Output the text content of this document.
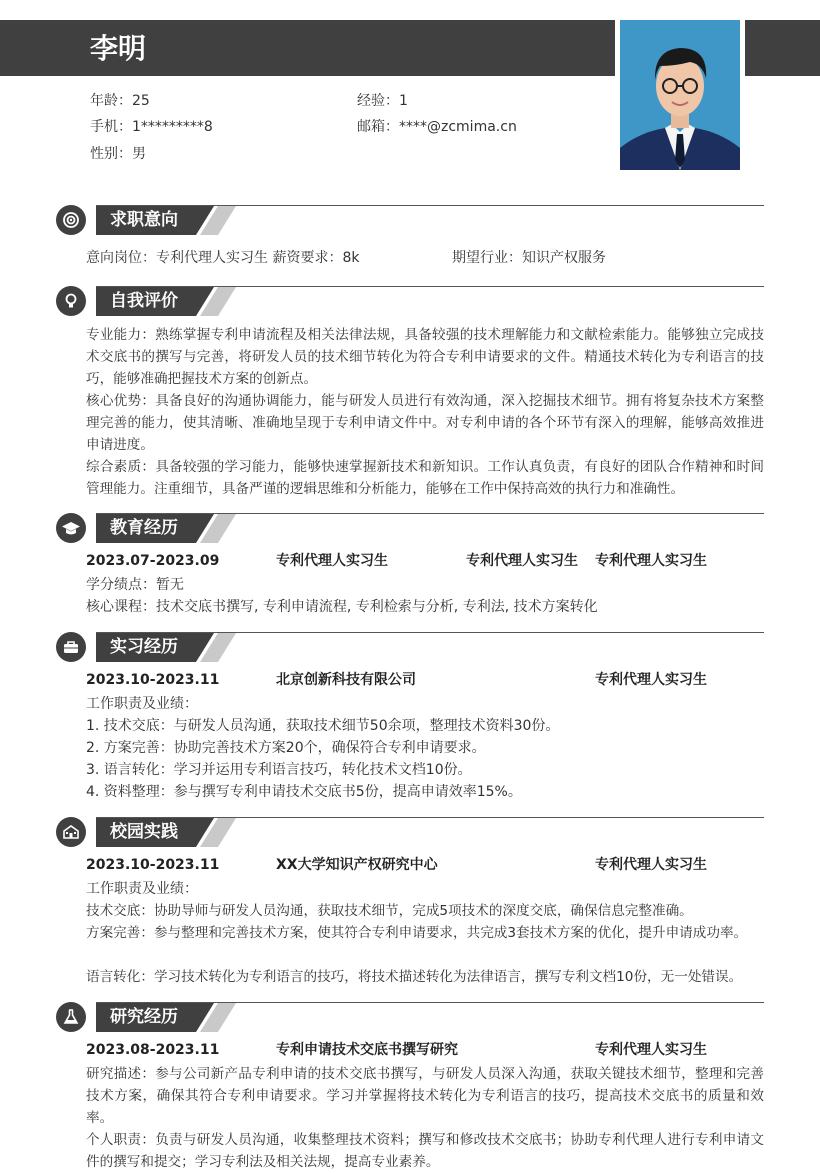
李明
年龄：25	经验：1
手机：1*********8	邮箱：****@zcmima.cn
性别：男
求职意向
意向岗位：专利代理人实习生 薪资要求：8k	期望行业：知识产权服务
自我评价
专业能力：熟练掌握专利申请流程及相关法律法规，具备较强的技术理解能力和文献检索能力。能够独立完成技术交底书的撰写与完善，将研发人员的技术细节转化为符合专利申请要求的文件。精通技术转化为专利语言的技巧，能够准确把握技术方案的创新点。
核心优势：具备良好的沟通协调能力，能与研发人员进行有效沟通，深入挖掘技术细节。拥有将复杂技术方案整理完善的能力，使其清晰、准确地呈现于专利申请文件中。对专利申请的各个环节有深入的理解，能够高效推进申请进度。
综合素质：具备较强的学习能力，能够快速掌握新技术和新知识。工作认真负责，有良好的团队合作精神和时间管理能力。注重细节，具备严谨的逻辑思维和分析能力，能够在工作中保持高效的执行力和准确性。
教育经历
2023.07-2023.09	专利代理人实习生	专利代理人实习生 专利代理人实习生
学分绩点：暂无
核心课程：技术交底书撰写, 专利申请流程, 专利检索与分析, 专利法, 技术方案转化
实习经历
2023.10-2023.11	北京创新科技有限公司	专利代理人实习生
工作职责及业绩：
1. 技术交底：与研发人员沟通，获取技术细节50余项，整理技术资料30份。
2. 方案完善：协助完善技术方案20个，确保符合专利申请要求。
3. 语言转化：学习并运用专利语言技巧，转化技术文档10份。
4. 资料整理：参与撰写专利申请技术交底书5份，提高申请效率15%。
校园实践
2023.10-2023.11	XX大学知识产权研究中心	专利代理人实习生
工作职责及业绩：
技术交底：协助导师与研发人员沟通，获取技术细节，完成5项技术的深度交底，确保信息完整准确。
方案完善：参与整理和完善技术方案，使其符合专利申请要求，共完成3套技术方案的优化，提升申请成功率。
语言转化：学习技术转化为专利语言的技巧，将技术描述转化为法律语言，撰写专利文档10份，无一处错误。
研究经历
2023.08-2023.11	专利申请技术交底书撰写研究	专利代理人实习生
研究描述：参与公司新产品专利申请的技术交底书撰写，与研发人员深入沟通，获取关键技术细节，整理和完善技术方案，确保其符合专利申请要求。学习并掌握将技术转化为专利语言的技巧，提高技术交底书的质量和效率。
个人职责：负责与研发人员沟通，收集整理技术资料；撰写和修改技术交底书；协助专利代理人进行专利申请文件的撰写和提交；学习专利法及相关法规，提高专业素养。
